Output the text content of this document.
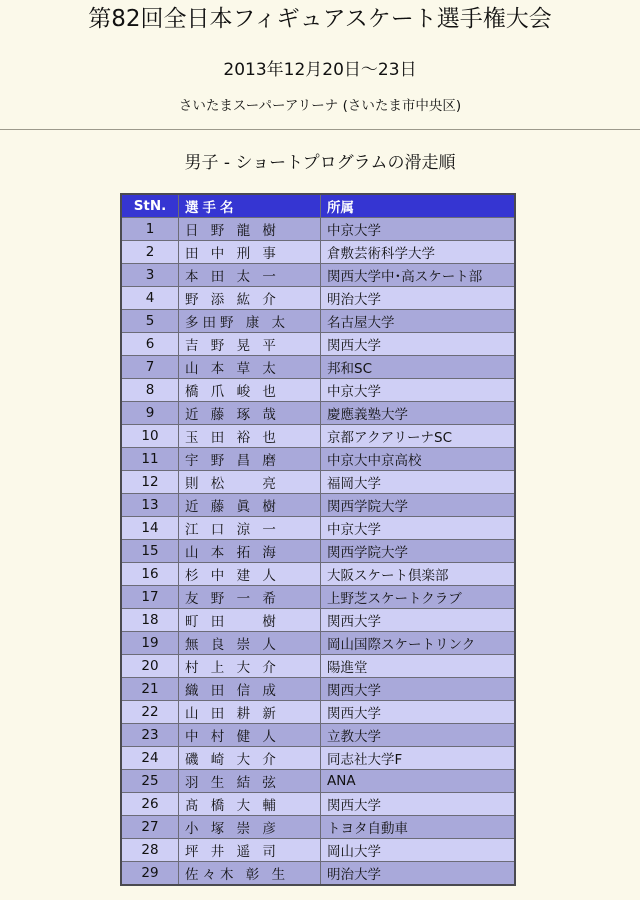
第82回全日本フィギュアスケート選手権大会
2013年12月20日～23日
さいたまスーパーアリーナ (さいたま市中央区)
男子 - ショートプログラムの滑走順
StN.	選手名	所属
1	日 野 龍 樹	中京大学
2	田 中 刑 事	倉敷芸術科学大学
3	本 田 太 一	関西大学中･高スケート部
4	野 添 紘 介	明治大学
5	多田野 康 太	名古屋大学
6	吉 野 晃 平	関西大学
7	山 本 草 太	邦和SC
8	橋 爪 峻 也	中京大学
9	近 藤 琢 哉	慶應義塾大学
10	玉 田 裕 也	京都アクアリーナSC
11	宇 野 昌 磨	中京大中京高校
12	則 松 　 亮	福岡大学
13	近 藤 眞 樹	関西学院大学
14	江 口 涼 一	中京大学
15	山 本 拓 海	関西学院大学
16	杉 中 建 人	大阪スケート倶楽部
17	友 野 一 希	上野芝スケートクラブ
18	町 田 　 樹	関西大学
19	無 良 崇 人	岡山国際スケートリンク
20	村 上 大 介	陽進堂
21	織 田 信 成	関西大学
22	山 田 耕 新	関西大学
23	中 村 健 人	立教大学
24	磯 崎 大 介	同志社大学F
25	羽 生 結 弦	ANA
26	髙 橋 大 輔	関西大学
27	小 塚 崇 彦	トヨタ自動車
28	坪 井 遥 司	岡山大学
29	佐々木 彰 生	明治大学
